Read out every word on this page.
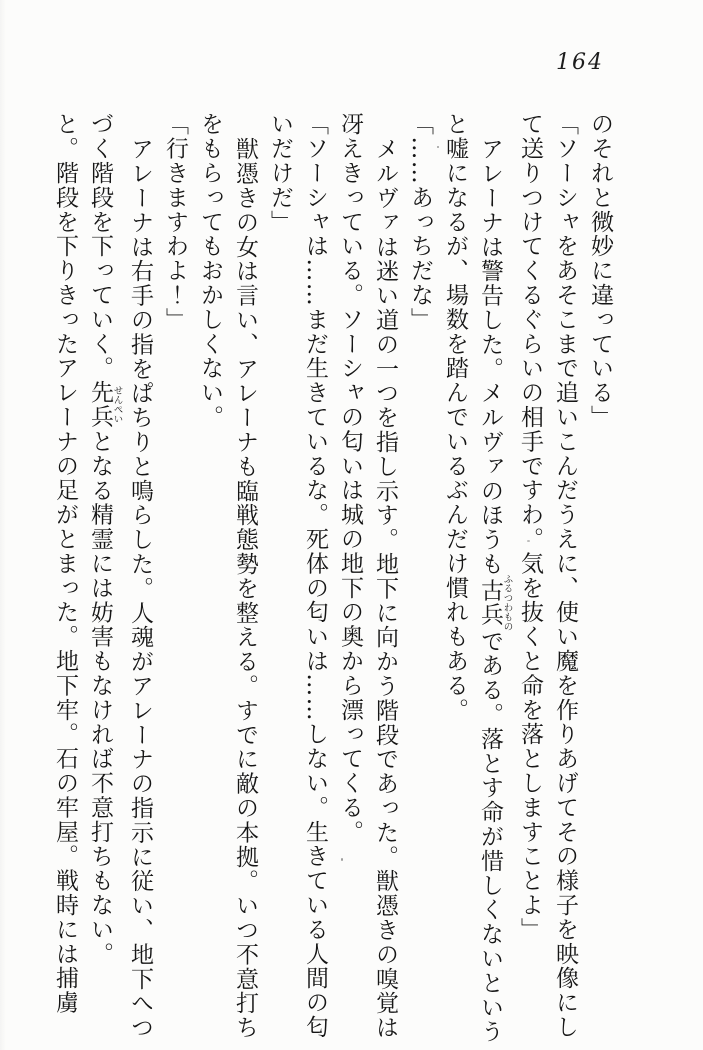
164

のそれと微妙に違っている」

「ソーシャをあそこまで追いこんだうえに、使い魔を作りあげてその様子を映像にし

て送りつけてくるぐらいの相手ですわ。気を抜くと命を落としますことよ」

アレーナは警告した。メルヴァのほうも古兵ふるつわものである。落とす命が惜しくないという

と嘘になるが、場数を踏んでいるぶんだけ慣れもある。

「……あっちだな」

メルヴァは迷い道の一つを指し示す。地下に向かう階段であった。獣憑きの嗅覚は

冴えきっている。ソーシャの匂いは城の地下の奥から漂ってくる。

「ソーシャは……まだ生きているな。死体の匂いは……しない。生きている人間の匂

いだけだ」

獣憑きの女は言い、アレーナも臨戦態勢を整える。すでに敵の本拠。いつ不意打ち

をもらってもおかしくない。

「行きますわよ！」

アレーナは右手の指をぱちりと鳴らした。人魂がアレーナの指示に従い、地下へつ

づく階段を下っていく。先兵せんぺいとなる精霊には妨害もなければ不意打ちもない。

と。階段を下りきったアレーナの足がとまった。地下牢。石の牢屋。戦時には捕虜
